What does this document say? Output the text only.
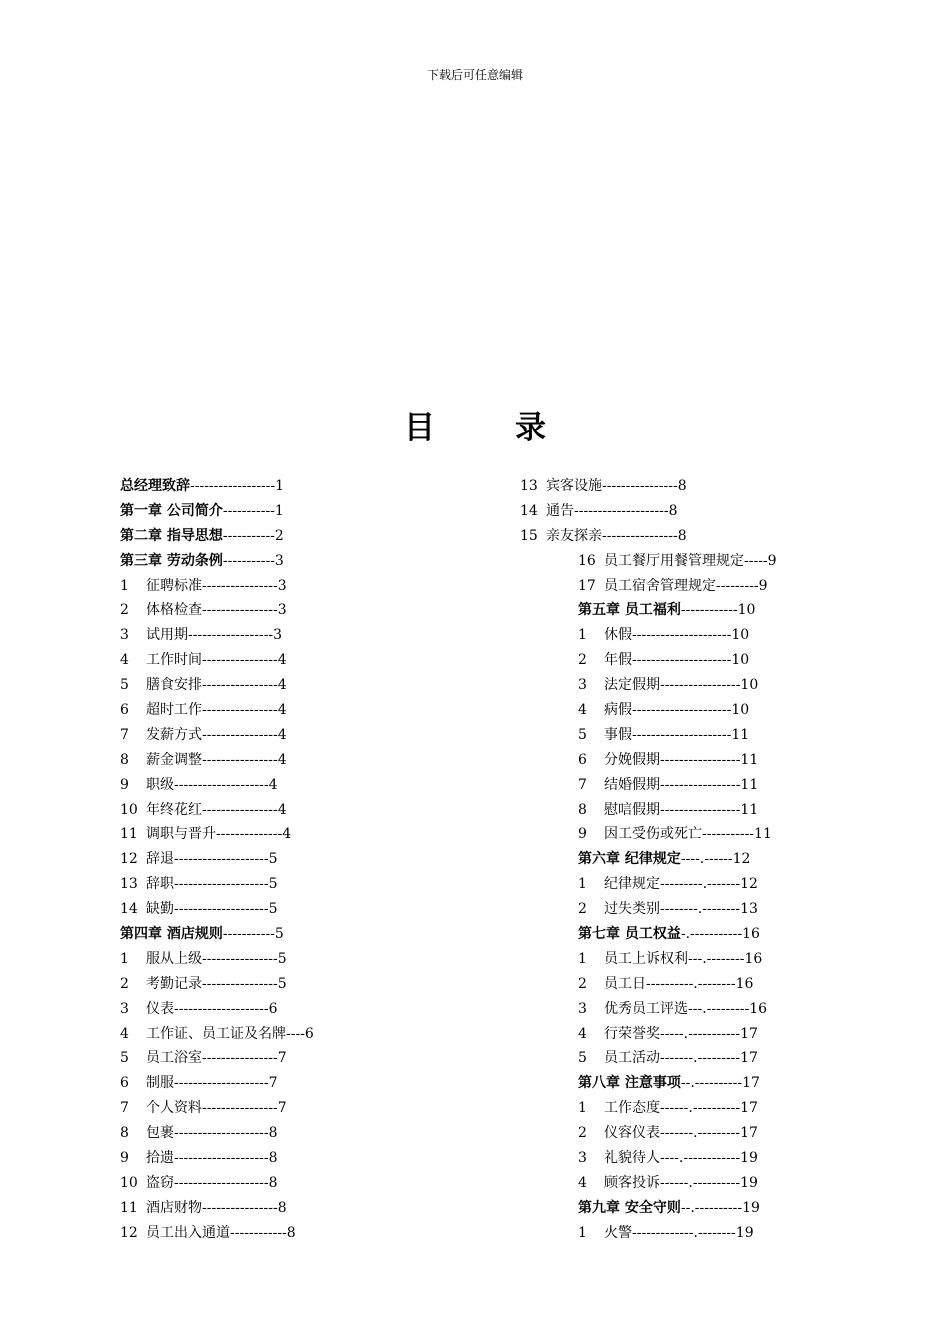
下载后可任意编辑
目录
总经理致辞------------------1
第一章 公司简介-----------1
第二章 指导思想-----------2
第三章 劳动条例-----------3
1 征聘标准----------------3
2 体格检查----------------3
3 试用期------------------3
4 工作时间----------------4
5 膳食安排----------------4
6 超时工作----------------4
7 发薪方式----------------4
8 薪金调整----------------4
9 职级--------------------4
10 年终花红----------------4
11 调职与晋升--------------4
12 辞退--------------------5
13 辞职--------------------5
14 缺勤--------------------5
第四章 酒店规则-----------5
1 服从上级----------------5
2 考勤记录----------------5
3 仪表--------------------6
4 工作证、员工证及名牌----6
5 员工浴室----------------7
6 制服--------------------7
7 个人资料----------------7
8 包裹--------------------8
9 拾遗--------------------8
10 盗窃--------------------8
11 酒店财物----------------8
12 员工出入通道------------8
13 宾客设施----------------8
14 通告--------------------8
15 亲友探亲----------------8
16 员工餐厅用餐管理规定-----9
17 员工宿舍管理规定---------9
第五章 员工福利------------10
1 休假---------------------10
2 年假---------------------10
3 法定假期-----------------10
4 病假---------------------10
5 事假---------------------11
6 分娩假期-----------------11
7 结婚假期-----------------11
8 慰唁假期-----------------11
9 因工受伤或死亡-----------11
第六章 纪律规定----.------12
1 纪律规定---------.-------12
2 过失类别--------.--------13
第七章 员工权益-.-----------16
1 员工上诉权利---.--------16
2 员工日----------.--------16
3 优秀员工评选---.---------16
4 行荣誉奖-----.-----------17
5 员工活动-------.---------17
第八章 注意事项--.----------17
1 工作态度------.----------17
2 仪容仪表-------.---------17
3 礼貌待人----.------------19
4 顾客投诉------.----------19
第九章 安全守则--.----------19
1 火警-------------.--------19
